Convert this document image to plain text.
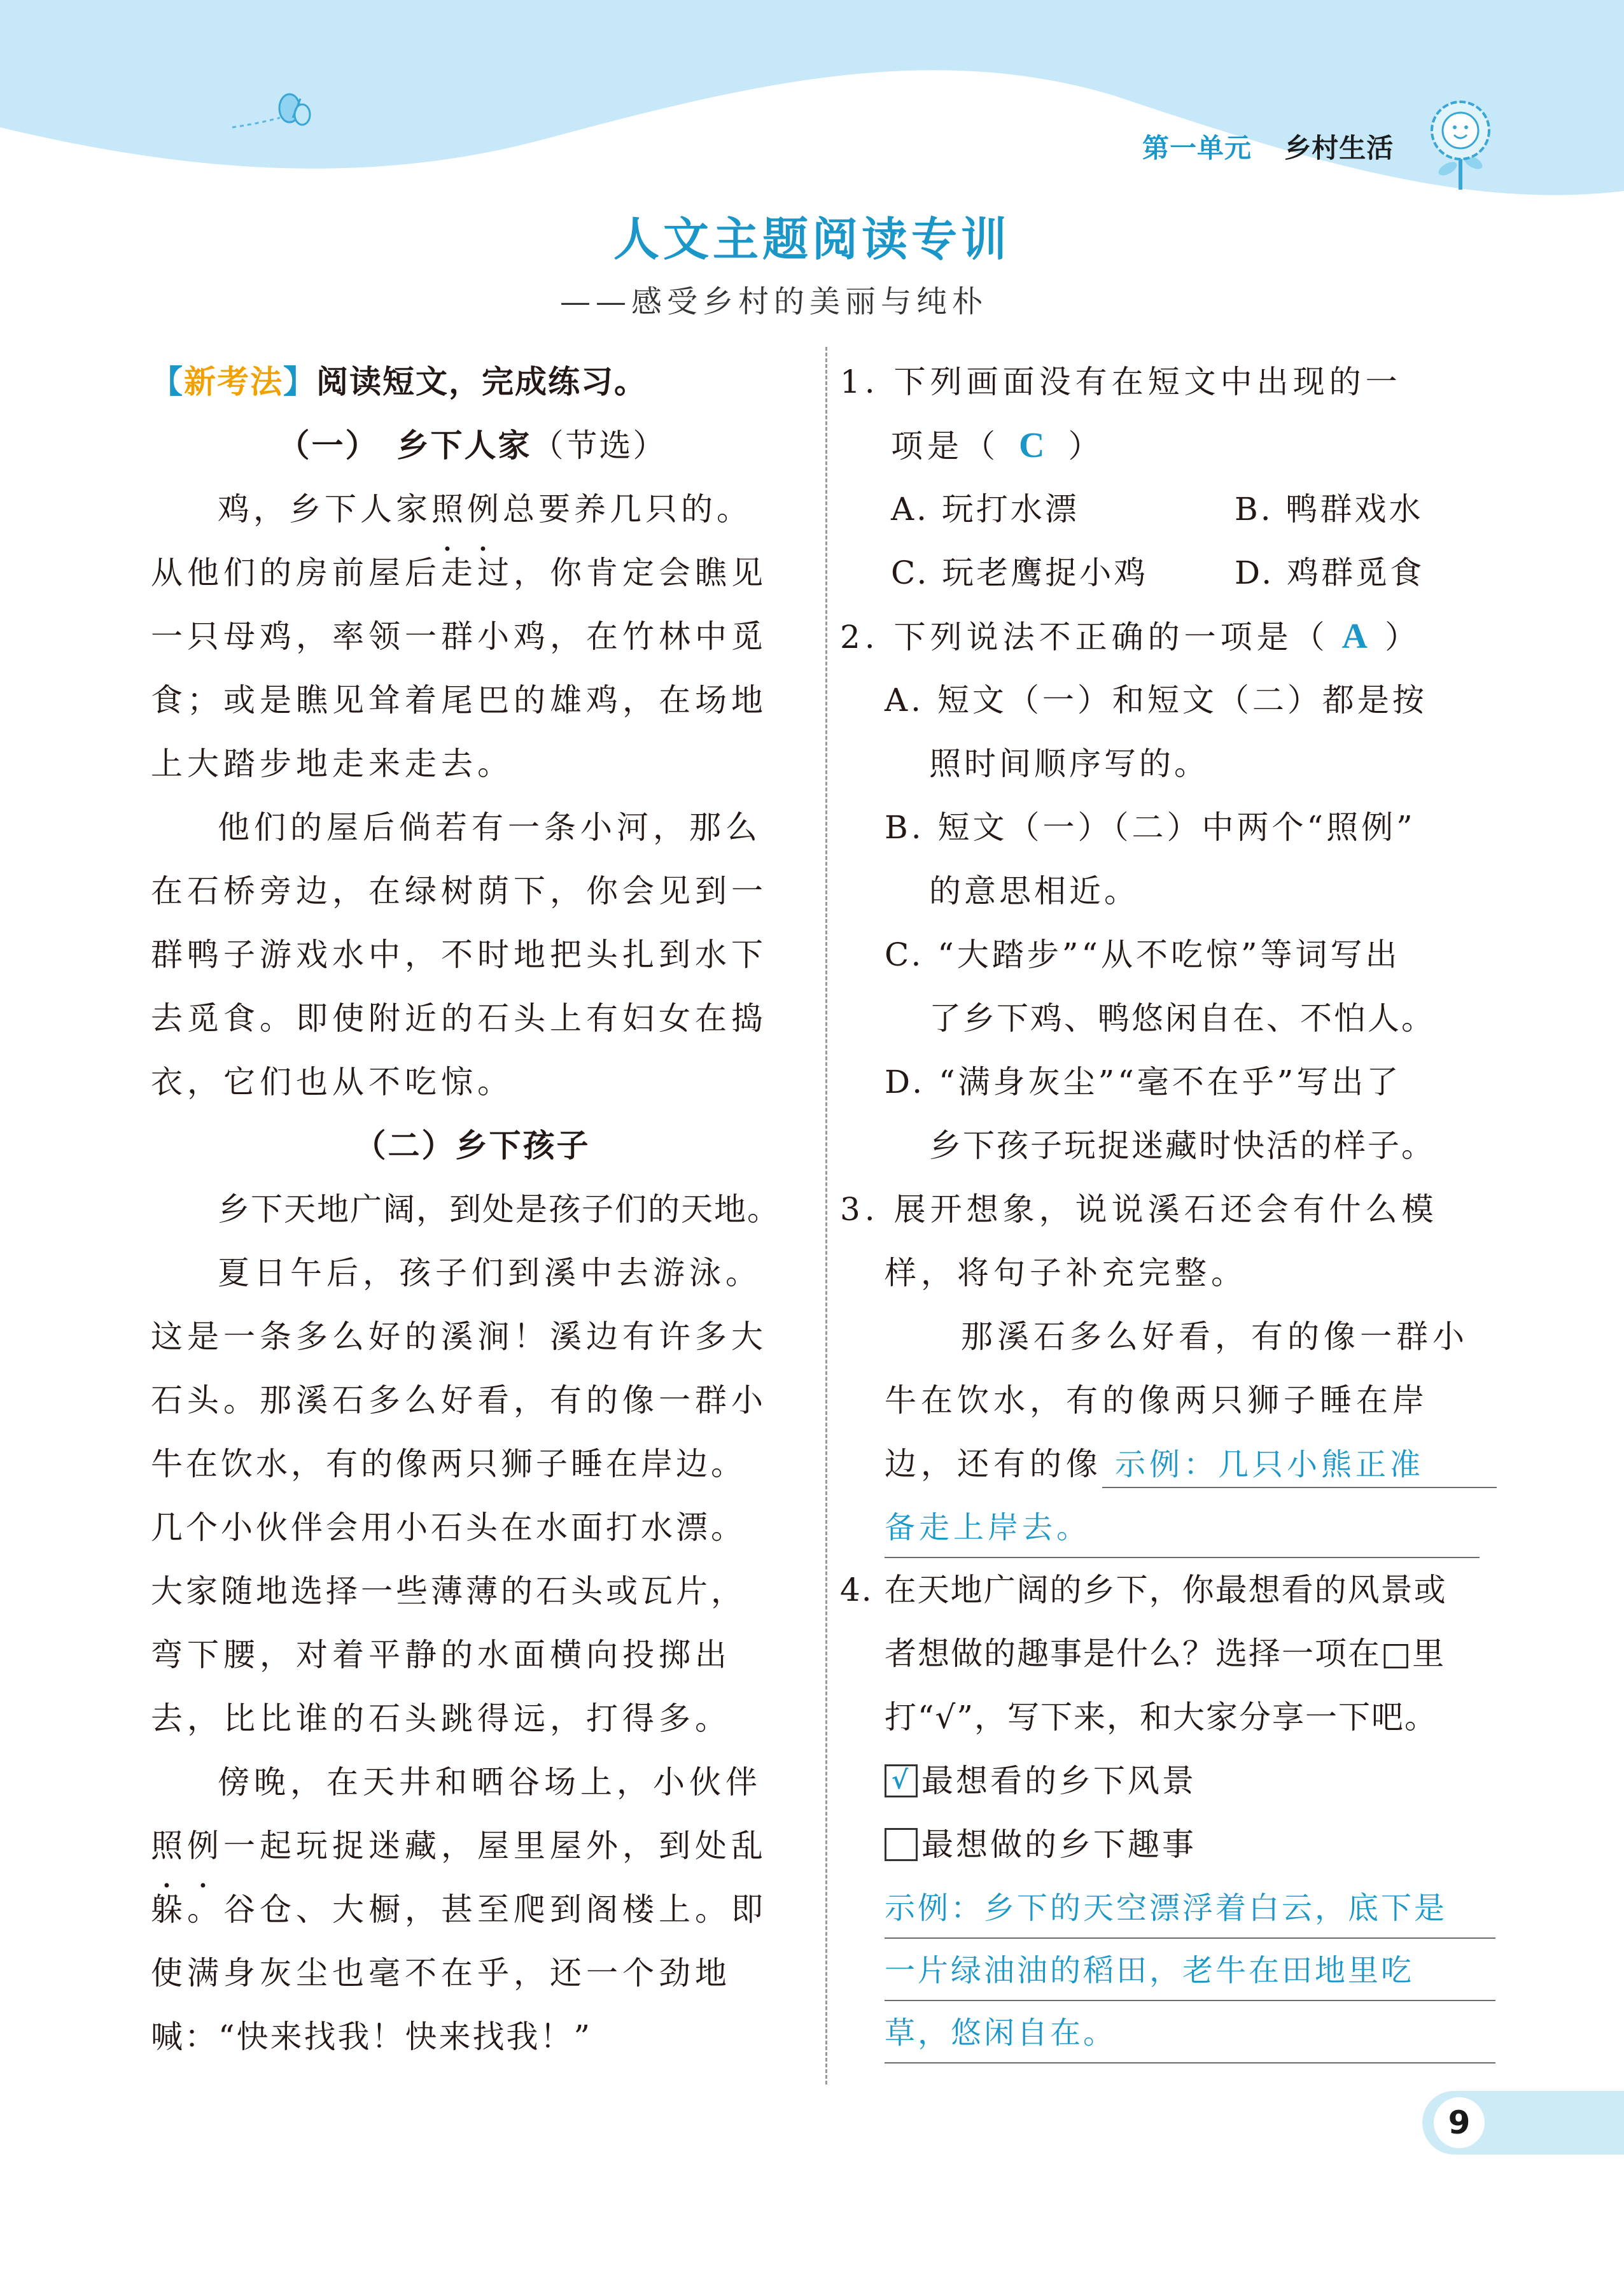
第一单元 乡村生活
人文主题阅读专训
——感受乡村的美丽与纯朴
【新考法】阅读短文，完成练习。
（一）　乡下人家（节选）
鸡，乡下人家照例总要养几只的。
从他们的房前屋后走过，你肯定会瞧见
一只母鸡，率领一群小鸡，在竹林中觅
食；或是瞧见耸着尾巴的雄鸡，在场地
上大踏步地走来走去。
他们的屋后倘若有一条小河，那么
在石桥旁边，在绿树荫下，你会见到一
群鸭子游戏水中，不时地把头扎到水下
去觅食。即使附近的石头上有妇女在捣
衣，它们也从不吃惊。
（二）乡下孩子
乡下天地广阔，到处是孩子们的天地。
夏日午后，孩子们到溪中去游泳。
这是一条多么好的溪涧！溪边有许多大
石头。那溪石多么好看，有的像一群小
牛在饮水，有的像两只狮子睡在岸边。
几个小伙伴会用小石头在水面打水漂。
大家随地选择一些薄薄的石头或瓦片，
弯下腰，对着平静的水面横向投掷出
去，比比谁的石头跳得远，打得多。
傍晚，在天井和晒谷场上，小伙伴
照例一起玩捉迷藏，屋里屋外，到处乱
躲。谷仓、大橱，甚至爬到阁楼上。即
使满身灰尘也毫不在乎，还一个劲地
喊：“快来找我！快来找我！”
1. 下列画面没有在短文中出现的一
项是（ C ）
A. 玩打水漂	B. 鸭群戏水
C. 玩老鹰捉小鸡	D. 鸡群觅食
2. 下列说法不正确的一项是（ A ）
A. 短文（一）和短文（二）都是按
照时间顺序写的。
B. 短文（一）（二）中两个“照例”
的意思相近。
C. “大踏步”“从不吃惊”等词写出
了乡下鸡、鸭悠闲自在、不怕人。
D. “满身灰尘”“毫不在乎”写出了
乡下孩子玩捉迷藏时快活的样子。
3. 展开想象，说说溪石还会有什么模
样，将句子补充完整。
那溪石多么好看，有的像一群小
牛在饮水，有的像两只狮子睡在岸
边，还有的像 示例：几只小熊正准
备走上岸去。
4. 在天地广阔的乡下，你最想看的风景或
者想做的趣事是什么？选择一项在□里
打“√”，写下来，和大家分享一下吧。
√ 最想看的乡下风景
最想做的乡下趣事
示例：乡下的天空漂浮着白云，底下是
一片绿油油的稻田，老牛在田地里吃
草，悠闲自在。
9
